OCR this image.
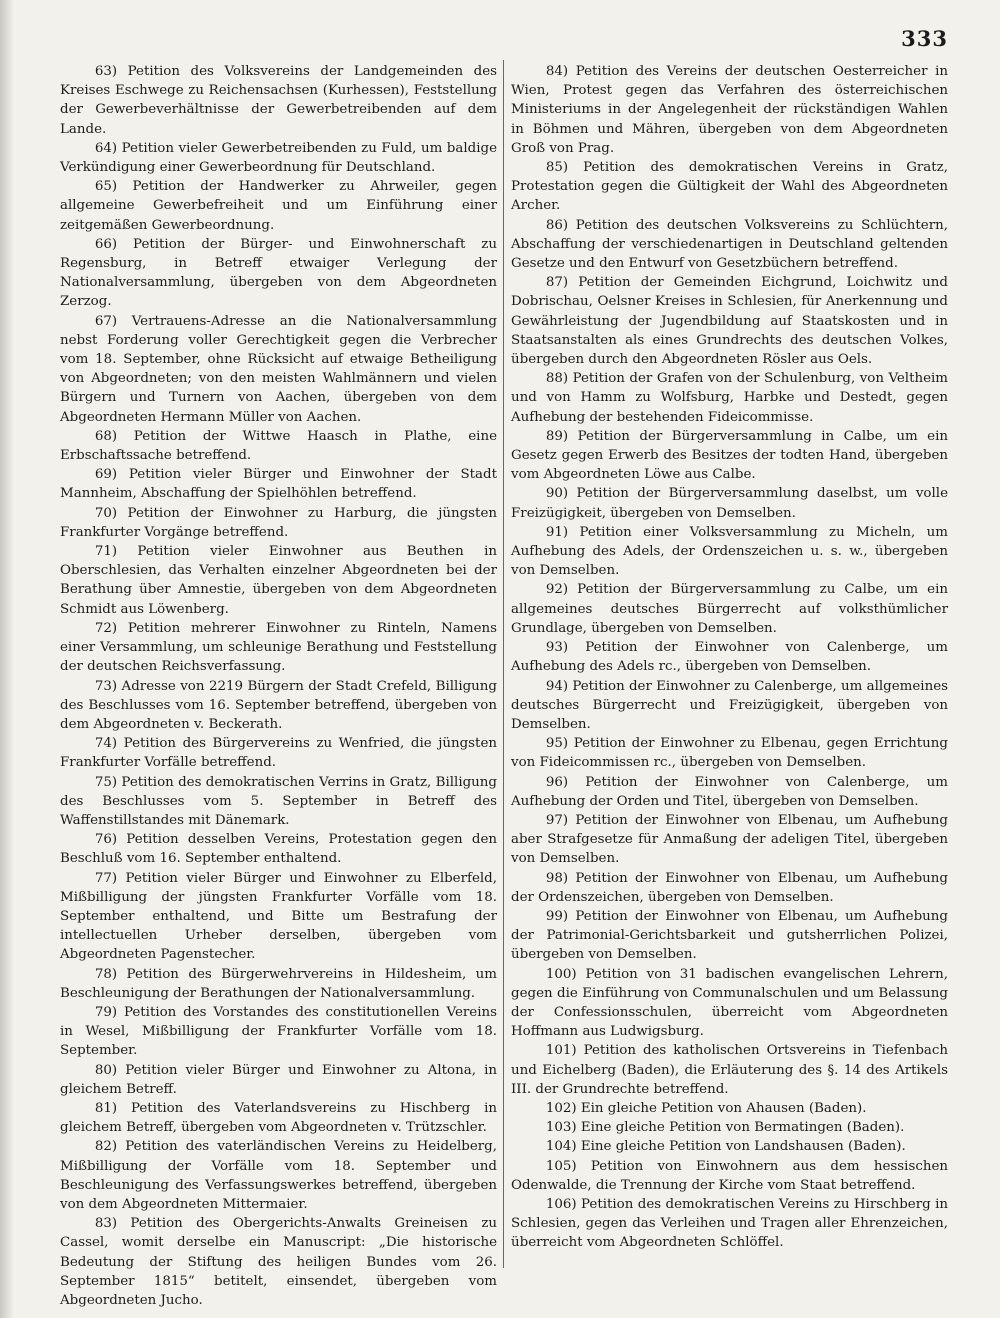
333

63) Petition des Volksvereins der Landgemeinden des Kreises Eschwege zu Reichensachsen (Kurhessen), Feststellung der Gewerbeverhältnisse der Gewerbetreibenden auf dem Lande.

64) Petition vieler Gewerbetreibenden zu Fuld, um baldige Verkündigung einer Gewerbeordnung für Deutschland.

65) Petition der Handwerker zu Ahrweiler, gegen allgemeine Gewerbefreiheit und um Einführung einer zeitgemäßen Gewerbeordnung.

66) Petition der Bürger- und Einwohnerschaft zu Regensburg, in Betreff etwaiger Verlegung der Nationalversammlung, übergeben von dem Abgeordneten Zerzog.

67) Vertrauens-Adresse an die Nationalversammlung nebst Forderung voller Gerechtigkeit gegen die Verbrecher vom 18. September, ohne Rücksicht auf etwaige Betheiligung von Abgeordneten; von den meisten Wahlmännern und vielen Bürgern und Turnern von Aachen, übergeben von dem Abgeordneten Hermann Müller von Aachen.

68) Petition der Wittwe Haasch in Plathe, eine Erbschaftssache betreffend.

69) Petition vieler Bürger und Einwohner der Stadt Mannheim, Abschaffung der Spielhöhlen betreffend.

70) Petition der Einwohner zu Harburg, die jüngsten Frankfurter Vorgänge betreffend.

71) Petition vieler Einwohner aus Beuthen in Oberschlesien, das Verhalten einzelner Abgeordneten bei der Berathung über Amnestie, übergeben von dem Abgeordneten Schmidt aus Löwenberg.

72) Petition mehrerer Einwohner zu Rinteln, Namens einer Versammlung, um schleunige Berathung und Feststellung der deutschen Reichsverfassung.

73) Adresse von 2219 Bürgern der Stadt Crefeld, Billigung des Beschlusses vom 16. September betreffend, übergeben von dem Abgeordneten v. Beckerath.

74) Petition des Bürgervereins zu Wenfried, die jüngsten Frankfurter Vorfälle betreffend.

75) Petition des demokratischen Verrins in Gratz, Billigung des Beschlusses vom 5. September in Betreff des Waffenstillstandes mit Dänemark.

76) Petition desselben Vereins, Protestation gegen den Beschluß vom 16. September enthaltend.

77) Petition vieler Bürger und Einwohner zu Elberfeld, Mißbilligung der jüngsten Frankfurter Vorfälle vom 18. September enthaltend, und Bitte um Bestrafung der intellectuellen Urheber derselben, übergeben vom Abgeordneten Pagenstecher.

78) Petition des Bürgerwehrvereins in Hildesheim, um Beschleunigung der Berathungen der Nationalversammlung.

79) Petition des Vorstandes des constitutionellen Vereins in Wesel, Mißbilligung der Frankfurter Vorfälle vom 18. September.

80) Petition vieler Bürger und Einwohner zu Altona, in gleichem Betreff.

81) Petition des Vaterlandsvereins zu Hischberg in gleichem Betreff, übergeben vom Abgeordneten v. Trützschler.

82) Petition des vaterländischen Vereins zu Heidelberg, Mißbilligung der Vorfälle vom 18. September und Beschleunigung des Verfassungswerkes betreffend, übergeben von dem Abgeordneten Mittermaier.

83) Petition des Obergerichts-Anwalts Greineisen zu Cassel, womit derselbe ein Manuscript: „Die historische Bedeutung der Stiftung des heiligen Bundes vom 26. September 1815“ betitelt, einsendet, übergeben vom Abgeordneten Jucho.

84) Petition des Vereins der deutschen Oesterreicher in Wien, Protest gegen das Verfahren des österreichischen Ministeriums in der Angelegenheit der rückständigen Wahlen in Böhmen und Mähren, übergeben von dem Abgeordneten Groß von Prag.

85) Petition des demokratischen Vereins in Gratz, Protestation gegen die Gültigkeit der Wahl des Abgeordneten Archer.

86) Petition des deutschen Volksvereins zu Schlüchtern, Abschaffung der verschiedenartigen in Deutschland geltenden Gesetze und den Entwurf von Gesetzbüchern betreffend.

87) Petition der Gemeinden Eichgrund, Loichwitz und Dobrischau, Oelsner Kreises in Schlesien, für Anerkennung und Gewährleistung der Jugendbildung auf Staatskosten und in Staatsanstalten als eines Grundrechts des deutschen Volkes, übergeben durch den Abgeordneten Rösler aus Oels.

88) Petition der Grafen von der Schulenburg, von Veltheim und von Hamm zu Wolfsburg, Harbke und Destedt, gegen Aufhebung der bestehenden Fideicommisse.

89) Petition der Bürgerversammlung in Calbe, um ein Gesetz gegen Erwerb des Besitzes der todten Hand, übergeben vom Abgeordneten Löwe aus Calbe.

90) Petition der Bürgerversammlung daselbst, um volle Freizügigkeit, übergeben von Demselben.

91) Petition einer Volksversammlung zu Micheln, um Aufhebung des Adels, der Ordenszeichen u. s. w., übergeben von Demselben.

92) Petition der Bürgerversammlung zu Calbe, um ein allgemeines deutsches Bürgerrecht auf volksthümlicher Grundlage, übergeben von Demselben.

93) Petition der Einwohner von Calenberge, um Aufhebung des Adels rc., übergeben von Demselben.

94) Petition der Einwohner zu Calenberge, um allgemeines deutsches Bürgerrecht und Freizügigkeit, übergeben von Demselben.

95) Petition der Einwohner zu Elbenau, gegen Errichtung von Fideicommissen rc., übergeben von Demselben.

96) Petition der Einwohner von Calenberge, um Aufhebung der Orden und Titel, übergeben von Demselben.

97) Petition der Einwohner von Elbenau, um Aufhebung aber Strafgesetze für Anmaßung der adeligen Titel, übergeben von Demselben.

98) Petition der Einwohner von Elbenau, um Aufhebung der Ordenszeichen, übergeben von Demselben.

99) Petition der Einwohner von Elbenau, um Aufhebung der Patrimonial-Gerichtsbarkeit und gutsherrlichen Polizei, übergeben von Demselben.

100) Petition von 31 badischen evangelischen Lehrern, gegen die Einführung von Communalschulen und um Belassung der Confessionsschulen, überreicht vom Abgeordneten Hoffmann aus Ludwigsburg.

101) Petition des katholischen Ortsvereins in Tiefenbach und Eichelberg (Baden), die Erläuterung des §. 14 des Artikels III. der Grundrechte betreffend.

102) Ein gleiche Petition von Ahausen (Baden).

103) Eine gleiche Petition von Bermatingen (Baden).

104) Eine gleiche Petition von Landshausen (Baden).

105) Petition von Einwohnern aus dem hessischen Odenwalde, die Trennung der Kirche vom Staat betreffend.

106) Petition des demokratischen Vereins zu Hirschberg in Schlesien, gegen das Verleihen und Tragen aller Ehrenzeichen, überreicht vom Abgeordneten Schlöffel.
